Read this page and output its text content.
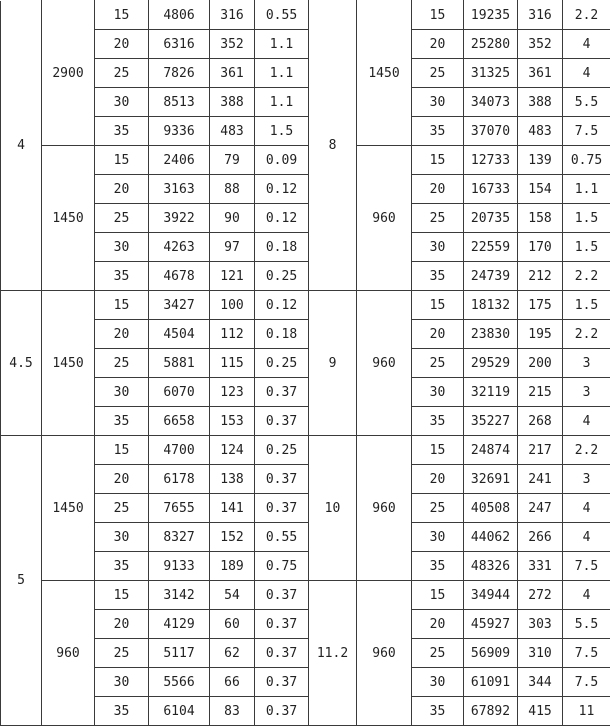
4	2900	15	4806	316	0.55	8	1450	15	19235	316	2.2
		20	6316	352	1.1			20	25280	352	4
		25	7826	361	1.1			25	31325	361	4
		30	8513	388	1.1			30	34073	388	5.5
		35	9336	483	1.5			35	37070	483	7.5
	1450	15	2406	79	0.09		960	15	12733	139	0.75
		20	3163	88	0.12			20	16733	154	1.1
		25	3922	90	0.12			25	20735	158	1.5
		30	4263	97	0.18			30	22559	170	1.5
		35	4678	121	0.25			35	24739	212	2.2
4.5	1450	15	3427	100	0.12	9	960	15	18132	175	1.5
		20	4504	112	0.18			20	23830	195	2.2
		25	5881	115	0.25			25	29529	200	3
		30	6070	123	0.37			30	32119	215	3
		35	6658	153	0.37			35	35227	268	4
5	1450	15	4700	124	0.25	10	960	15	24874	217	2.2
		20	6178	138	0.37			20	32691	241	3
		25	7655	141	0.37			25	40508	247	4
		30	8327	152	0.55			30	44062	266	4
		35	9133	189	0.75			35	48326	331	7.5
	960	15	3142	54	0.37	11.2	960	15	34944	272	4
		20	4129	60	0.37			20	45927	303	5.5
		25	5117	62	0.37			25	56909	310	7.5
		30	5566	66	0.37			30	61091	344	7.5
		35	6104	83	0.37			35	67892	415	11
